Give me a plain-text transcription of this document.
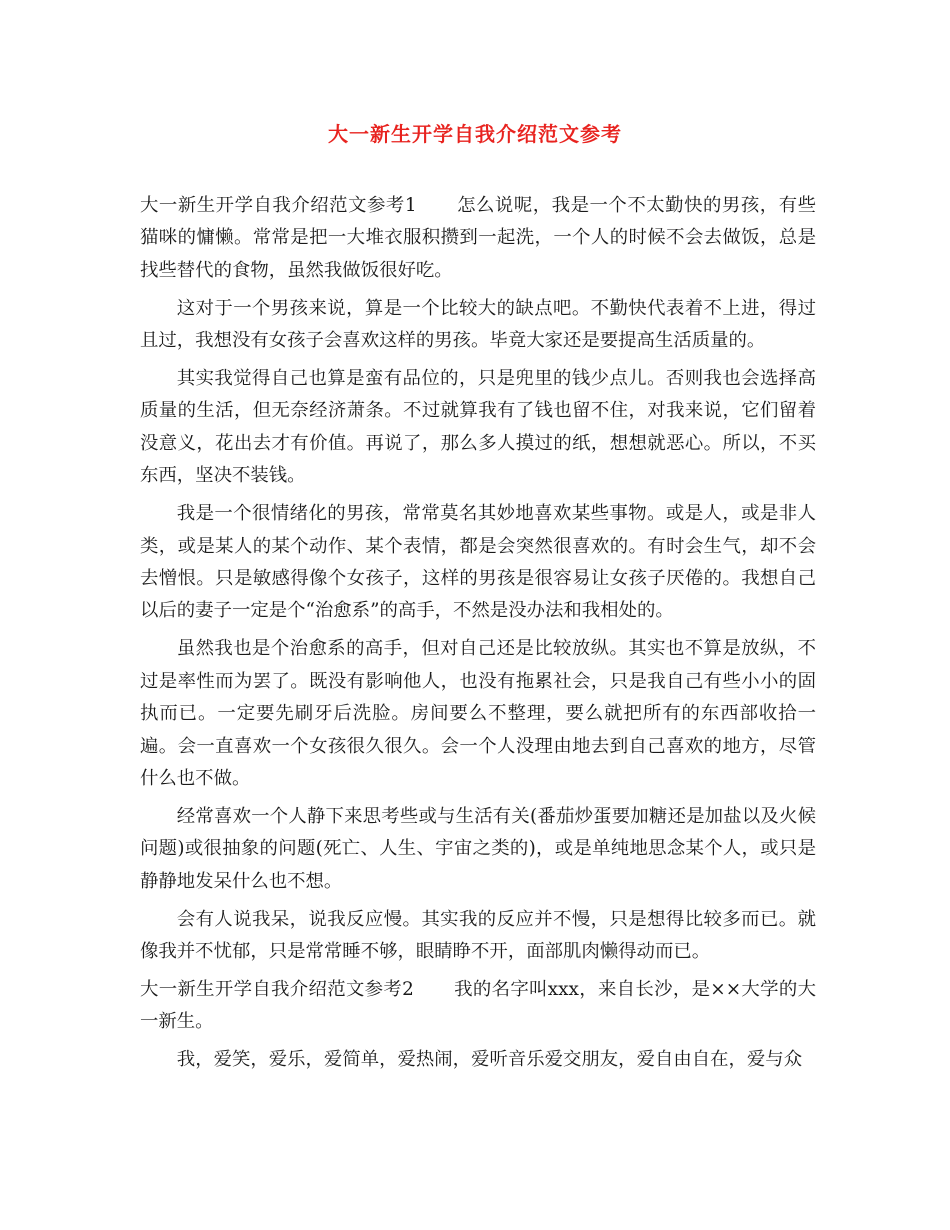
大一新生开学自我介绍范文参考
大一新生开学自我介绍范文参考1 怎么说呢，我是一个不太勤快的男孩，有些猫咪的慵懒。常常是把一大堆衣服积攒到一起洗，一个人的时候不会去做饭，总是找些替代的食物，虽然我做饭很好吃。
这对于一个男孩来说，算是一个比较大的缺点吧。不勤快代表着不上进，得过且过，我想没有女孩子会喜欢这样的男孩。毕竟大家还是要提高生活质量的。
其实我觉得自己也算是蛮有品位的，只是兜里的钱少点儿。否则我也会选择高质量的生活，但无奈经济萧条。不过就算我有了钱也留不住，对我来说，它们留着没意义，花出去才有价值。再说了，那么多人摸过的纸，想想就恶心。所以，不买东西，坚决不装钱。
我是一个很情绪化的男孩，常常莫名其妙地喜欢某些事物。或是人，或是非人类，或是某人的某个动作、某个表情，都是会突然很喜欢的。有时会生气，却不会去憎恨。只是敏感得像个女孩子，这样的男孩是很容易让女孩子厌倦的。我想自己以后的妻子一定是个“治愈系”的高手，不然是没办法和我相处的。
虽然我也是个治愈系的高手，但对自己还是比较放纵。其实也不算是放纵，不过是率性而为罢了。既没有影响他人，也没有拖累社会，只是我自己有些小小的固执而已。一定要先刷牙后洗脸。房间要么不整理，要么就把所有的东西部收拾一遍。会一直喜欢一个女孩很久很久。会一个人没理由地去到自己喜欢的地方，尽管什么也不做。
经常喜欢一个人静下来思考些或与生活有关(番茄炒蛋要加糖还是加盐以及火候问题)或很抽象的问题(死亡、人生、宇宙之类的)，或是单纯地思念某个人，或只是静静地发呆什么也不想。
会有人说我呆，说我反应慢。其实我的反应并不慢，只是想得比较多而已。就像我并不忧郁，只是常常睡不够，眼睛睁不开，面部肌肉懒得动而已。
大一新生开学自我介绍范文参考2 我的名字叫xxx，来自长沙，是××大学的大一新生。
我，爱笑，爱乐，爱简单，爱热闹，爱听音乐爱交朋友，爱自由自在，爱与众
